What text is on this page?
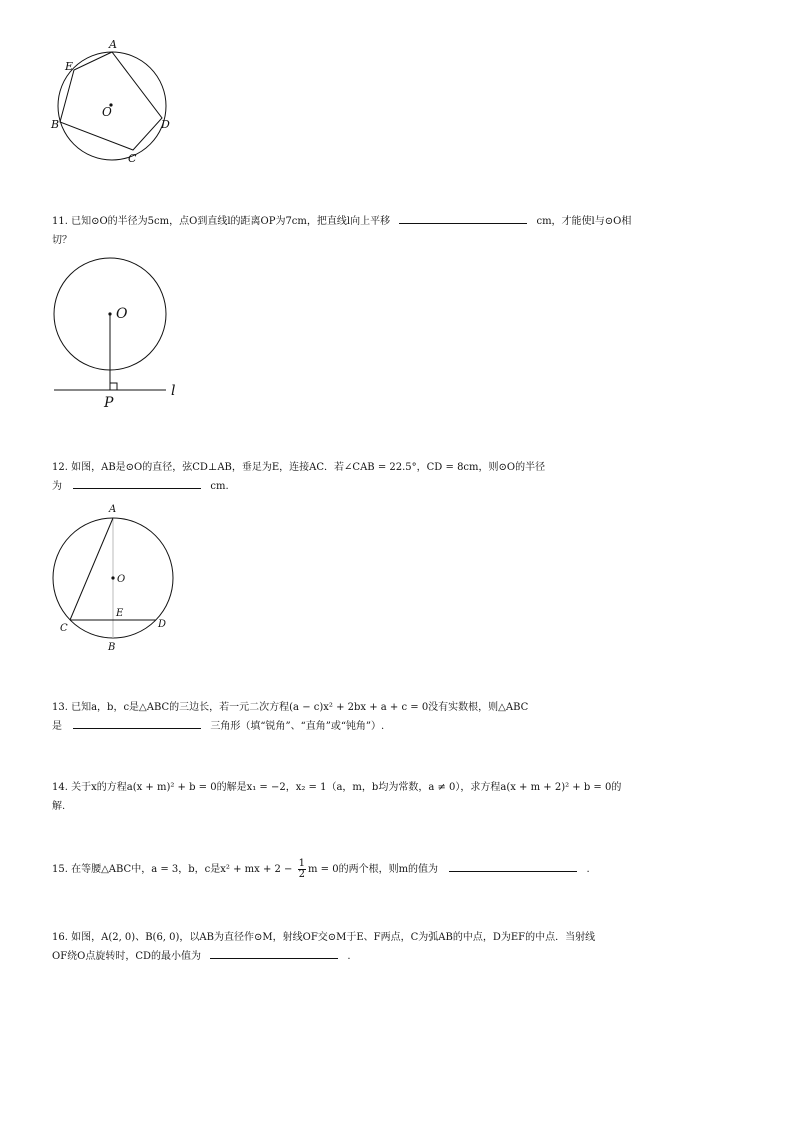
A
E
B
O
D
C
11. 已知⊙O的半径为5cm，点O到直线l的距离OP为7cm，把直线l向上平移	cm，才能使l与⊙O相
切？
O
P
l
12. 如图，AB是⊙O的直径，弦CD⊥AB，垂足为E，连接AC．若∠CAB = 22.5°，CD = 8cm，则⊙O的半径
为	cm.
A
O
E
C	D
B
13. 已知a，b，c是△ABC的三边长，若一元二次方程(a − c)x² + 2bx + a + c = 0没有实数根，则△ABC
是	三角形（填“锐角”、“直角”或“钝角”）.
14. 关于x的方程a(x + m)² + b = 0的解是x₁ = −2，x₂ = 1（a，m，b均为常数，a ≠ 0），求方程a(x + m + 2)² + b = 0的
解.
15. 在等腰△ABC中，a = 3，b，c是x² + mx + $2 - \frac{1}{2}$ m = 0的两个根，则m的值为	.
16. 如图，A(2, 0)、B(6, 0)，以AB为直径作⊙M，射线OF交⊙M于E、F两点，C为弧AB的中点，D为EF的中点．当射线
OF绕O点旋转时，CD的最小值为	.
